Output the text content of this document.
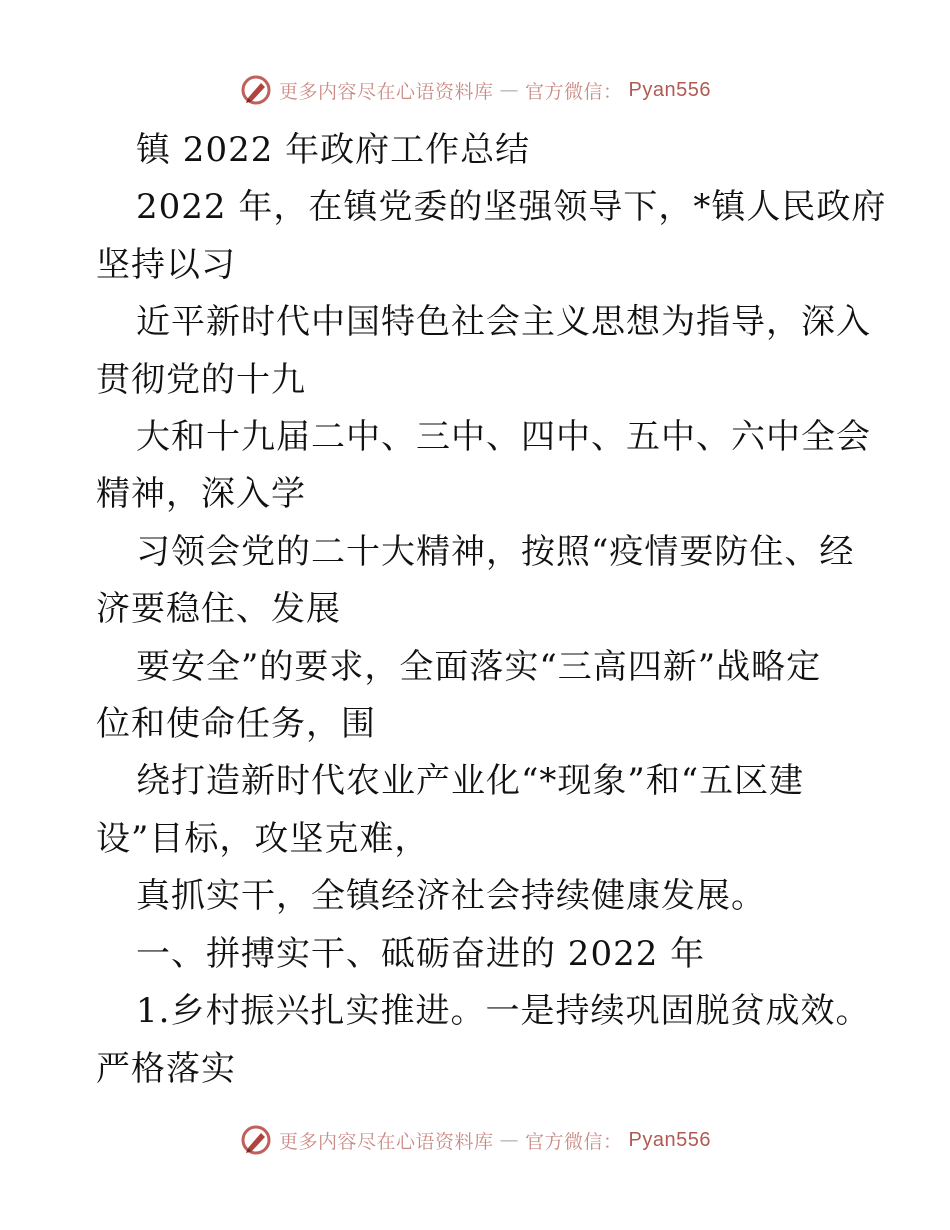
更多内容尽在心语资料库 — 官方微信： Pyan556

镇 2022 年政府工作总结

2022 年，在镇党委的坚强领导下，*镇人民政府

坚持以习

近平新时代中国特色社会主义思想为指导，深入

贯彻党的十九

大和十九届二中、三中、四中、五中、六中全会

精神，深入学

习领会党的二十大精神，按照“疫情要防住、经

济要稳住、发展

要安全”的要求，全面落实“三高四新”战略定

位和使命任务，围

绕打造新时代农业产业化“*现象”和“五区建

设”目标，攻坚克难，

真抓实干，全镇经济社会持续健康发展。

一、拼搏实干、砥砺奋进的 2022 年

1.乡村振兴扎实推进。一是持续巩固脱贫成效。

严格落实

更多内容尽在心语资料库 — 官方微信： Pyan556
